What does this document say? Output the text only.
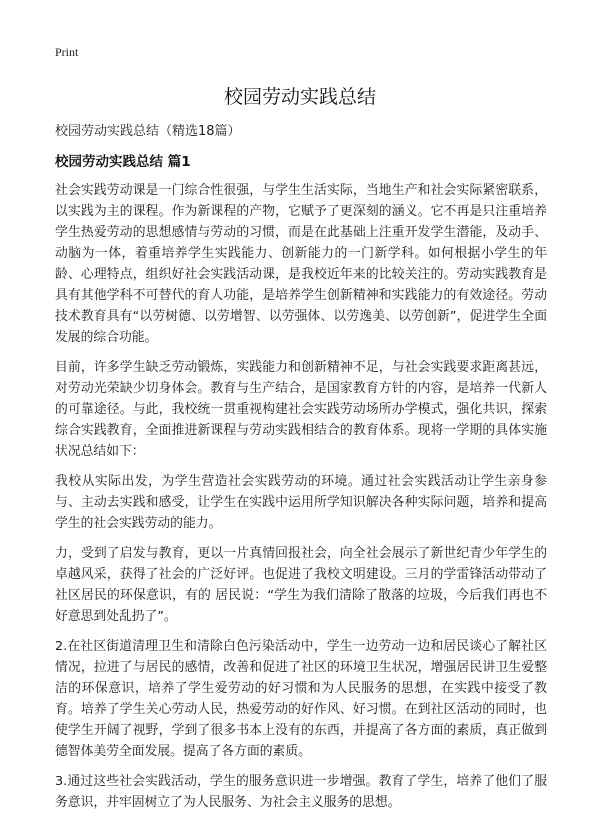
Print
校园劳动实践总结
校园劳动实践总结（精选18篇）
校园劳动实践总结 篇1

社会实践劳动课是一门综合性很强，与学生生活实际，当地生产和社会实际紧密联系，以实践为主的课程。作为新课程的产物，它赋予了更深刻的涵义。它不再是只注重培养学生热爱劳动的思想感情与劳动的习惯，而是在此基础上注重开发学生潜能，及动手、动脑为一体，着重培养学生实践能力、创新能力的一门新学科。如何根据小学生的年龄、心理特点，组织好社会实践活动课，是我校近年来的比较关注的。劳动实践教育是具有其他学科不可替代的育人功能，是培养学生创新精神和实践能力的有效途径。劳动技术教育具有“以劳树德、以劳增智、以劳强体、以劳逸美、以劳创新”，促进学生全面发展的综合功能。

目前，许多学生缺乏劳动锻炼，实践能力和创新精神不足，与社会实践要求距离甚远，对劳动光荣缺少切身体会。教育与生产结合，是国家教育方针的内容，是培养一代新人的可靠途径。与此，我校统一贯重视构建社会实践劳动场所办学模式，强化共识，探索综合实践教育，全面推进新课程与劳动实践相结合的教育体系。现将一学期的具体实施状况总结如下：

我校从实际出发，为学生营造社会实践劳动的环境。通过社会实践活动让学生亲身参与、主动去实践和感受，让学生在实践中运用所学知识解决各种实际问题，培养和提高学生的社会实践劳动的能力。

力，受到了启发与教育，更以一片真情回报社会，向全社会展示了新世纪青少年学生的卓越风采，获得了社会的广泛好评。也促进了我校文明建设。三月的学雷锋活动带动了社区居民的环保意识，有的 居民说：“学生为我们清除了散落的垃圾，今后我们再也不好意思到处乱扔了”。

2.在社区街道清理卫生和清除白色污染活动中，学生一边劳动一边和居民谈心了解社区情况，拉进了与居民的感情，改善和促进了社区的环境卫生状况，增强居民讲卫生爱整洁的环保意识，培养了学生爱劳动的好习惯和为人民服务的思想，在实践中接受了教育。培养了学生关心劳动人民，热爱劳动的好作风、好习惯。在到社区活动的同时，也使学生开阔了视野，学到了很多书本上没有的东西，并提高了各方面的素质，真正做到德智体美劳全面发展。提高了各方面的素质。

3.通过这些社会实践活动，学生的服务意识进一步增强。教育了学生，培养了他们了服务意识，并牢固树立了为人民服务、为社会主义服务的思想。
